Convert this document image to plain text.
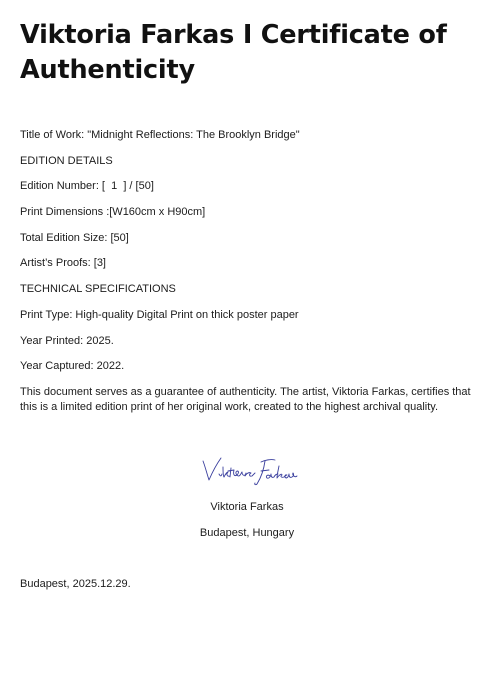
Viktoria Farkas I Certificate of Authenticity

Title of Work: "Midnight Reflections: The Brooklyn Bridge"

EDITION DETAILS

Edition Number: [  1  ] / [50]

Print Dimensions :[W160cm x H90cm]

Total Edition Size: [50]

Artist’s Proofs: [3]

TECHNICAL SPECIFICATIONS

Print Type: High-quality Digital Print on thick poster paper

Year Printed: 2025.

Year Captured: 2022.

This document serves as a guarantee of authenticity. The artist, Viktoria Farkas, certifies that this is a limited edition print of her original work, created to the highest archival quality.

Viktoria Farkas
Budapest, Hungary
Budapest, 2025.12.29.
